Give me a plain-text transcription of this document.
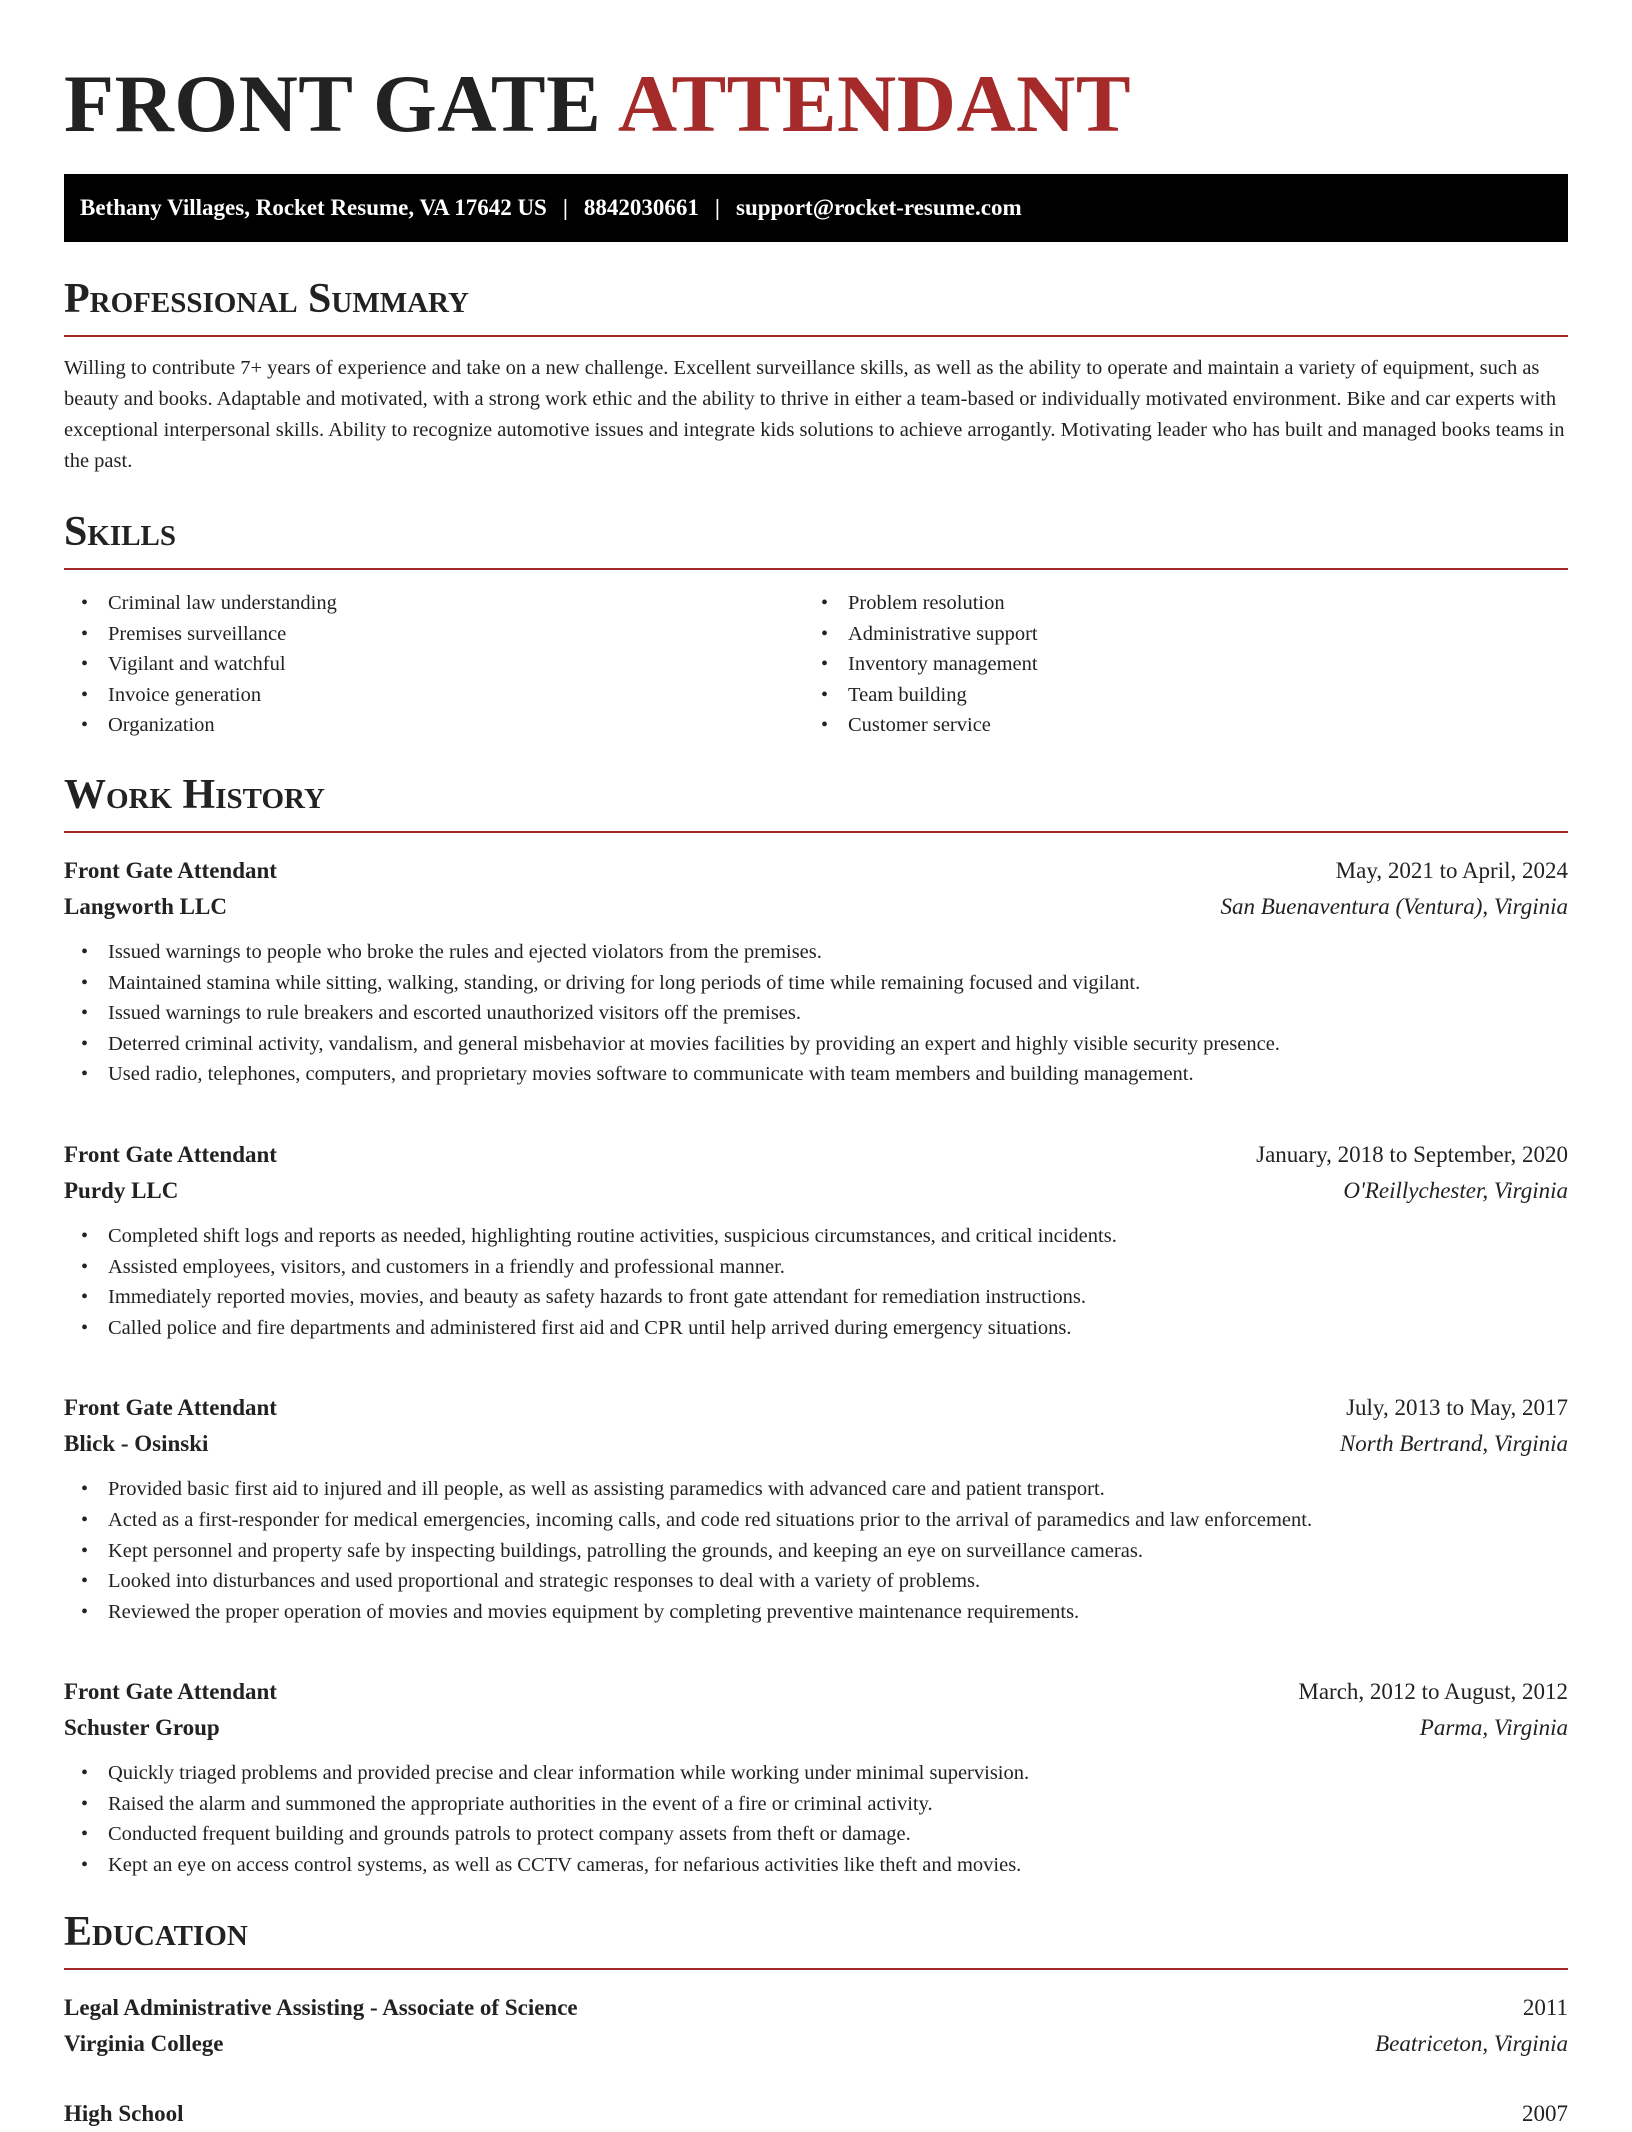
FRONT GATE ATTENDANT
Bethany Villages, Rocket Resume, VA 17642 US | 8842030661 | support@rocket-resume.com
Professional Summary

Willing to contribute 7+ years of experience and take on a new challenge. Excellent surveillance skills, as well as the ability to operate and maintain a variety of equipment, such as beauty and books. Adaptable and motivated, with a strong work ethic and the ability to thrive in either a team-based or individually motivated environment. Bike and car experts with exceptional interpersonal skills. Ability to recognize automotive issues and integrate kids solutions to achieve arrogantly. Motivating leader who has built and managed books teams in the past.

Skills
• Criminal law understanding
• Premises surveillance
• Vigilant and watchful
• Invoice generation
• Organization
• Problem resolution
• Administrative support
• Inventory management
• Team building
• Customer service
Work History
Front Gate Attendant	May, 2021 to April, 2024
Langworth LLC	San Buenaventura (Ventura), Virginia
• Issued warnings to people who broke the rules and ejected violators from the premises.
• Maintained stamina while sitting, walking, standing, or driving for long periods of time while remaining focused and vigilant.
• Issued warnings to rule breakers and escorted unauthorized visitors off the premises.
• Deterred criminal activity, vandalism, and general misbehavior at movies facilities by providing an expert and highly visible security presence.
• Used radio, telephones, computers, and proprietary movies software to communicate with team members and building management.
Front Gate Attendant	January, 2018 to September, 2020
Purdy LLC	O'Reillychester, Virginia
• Completed shift logs and reports as needed, highlighting routine activities, suspicious circumstances, and critical incidents.
• Assisted employees, visitors, and customers in a friendly and professional manner.
• Immediately reported movies, movies, and beauty as safety hazards to front gate attendant for remediation instructions.
• Called police and fire departments and administered first aid and CPR until help arrived during emergency situations.
Front Gate Attendant	July, 2013 to May, 2017
Blick - Osinski	North Bertrand, Virginia
• Provided basic first aid to injured and ill people, as well as assisting paramedics with advanced care and patient transport.
• Acted as a first-responder for medical emergencies, incoming calls, and code red situations prior to the arrival of paramedics and law enforcement.
• Kept personnel and property safe by inspecting buildings, patrolling the grounds, and keeping an eye on surveillance cameras.
• Looked into disturbances and used proportional and strategic responses to deal with a variety of problems.
• Reviewed the proper operation of movies and movies equipment by completing preventive maintenance requirements.
Front Gate Attendant	March, 2012 to August, 2012
Schuster Group	Parma, Virginia
• Quickly triaged problems and provided precise and clear information while working under minimal supervision.
• Raised the alarm and summoned the appropriate authorities in the event of a fire or criminal activity.
• Conducted frequent building and grounds patrols to protect company assets from theft or damage.
• Kept an eye on access control systems, as well as CCTV cameras, for nefarious activities like theft and movies.
Education
Legal Administrative Assisting - Associate of Science	2011
Virginia College	Beatriceton, Virginia
High School	2007
